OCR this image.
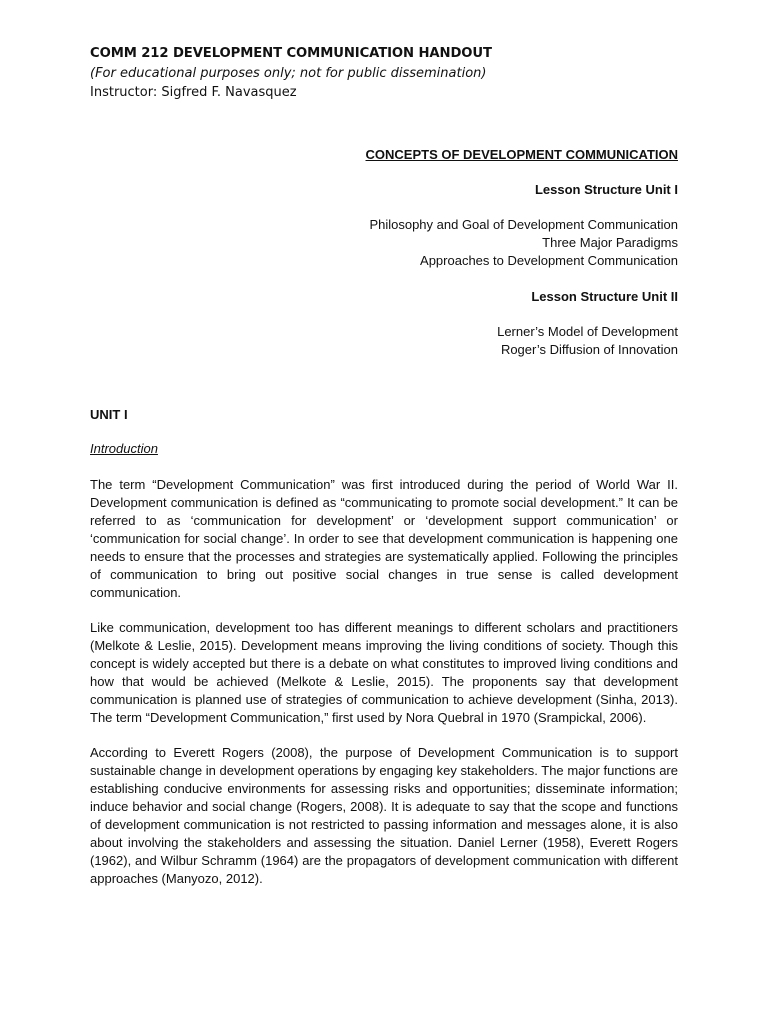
COMM 212 DEVELOPMENT COMMUNICATION HANDOUT
(For educational purposes only; not for public dissemination)
Instructor: Sigfred F. Navasquez
CONCEPTS OF DEVELOPMENT COMMUNICATION
Lesson Structure Unit I
Philosophy and Goal of Development Communication
Three Major Paradigms
Approaches to Development Communication
Lesson Structure Unit II
Lerner’s Model of Development
Roger’s Diffusion of Innovation
UNIT I
Introduction

The term “Development Communication” was first introduced during the period of World War II. Development communication is defined as “communicating to promote social development.” It can be referred to as ‘communication for development’ or ‘development support communication’ or ‘communication for social change’. In order to see that development communication is happening one needs to ensure that the processes and strategies are systematically applied. Following the principles of communication to bring out positive social changes in true sense is called development communication.

Like communication, development too has different meanings to different scholars and practitioners (Melkote & Leslie, 2015). Development means improving the living conditions of society. Though this concept is widely accepted but there is a debate on what constitutes to improved living conditions and how that would be achieved (Melkote & Leslie, 2015). The proponents say that development communication is planned use of strategies of communication to achieve development (Sinha, 2013). The term “Development Communication,” first used by Nora Quebral in 1970 (Srampickal, 2006).

According to Everett Rogers (2008), the purpose of Development Communication is to support sustainable change in development operations by engaging key stakeholders. The major functions are establishing conducive environments for assessing risks and opportunities; disseminate information; induce behavior and social change (Rogers, 2008). It is adequate to say that the scope and functions of development communication is not restricted to passing information and messages alone, it is also about involving the stakeholders and assessing the situation. Daniel Lerner (1958), Everett Rogers (1962), and Wilbur Schramm (1964) are the propagators of development communication with different approaches (Manyozo, 2012).
